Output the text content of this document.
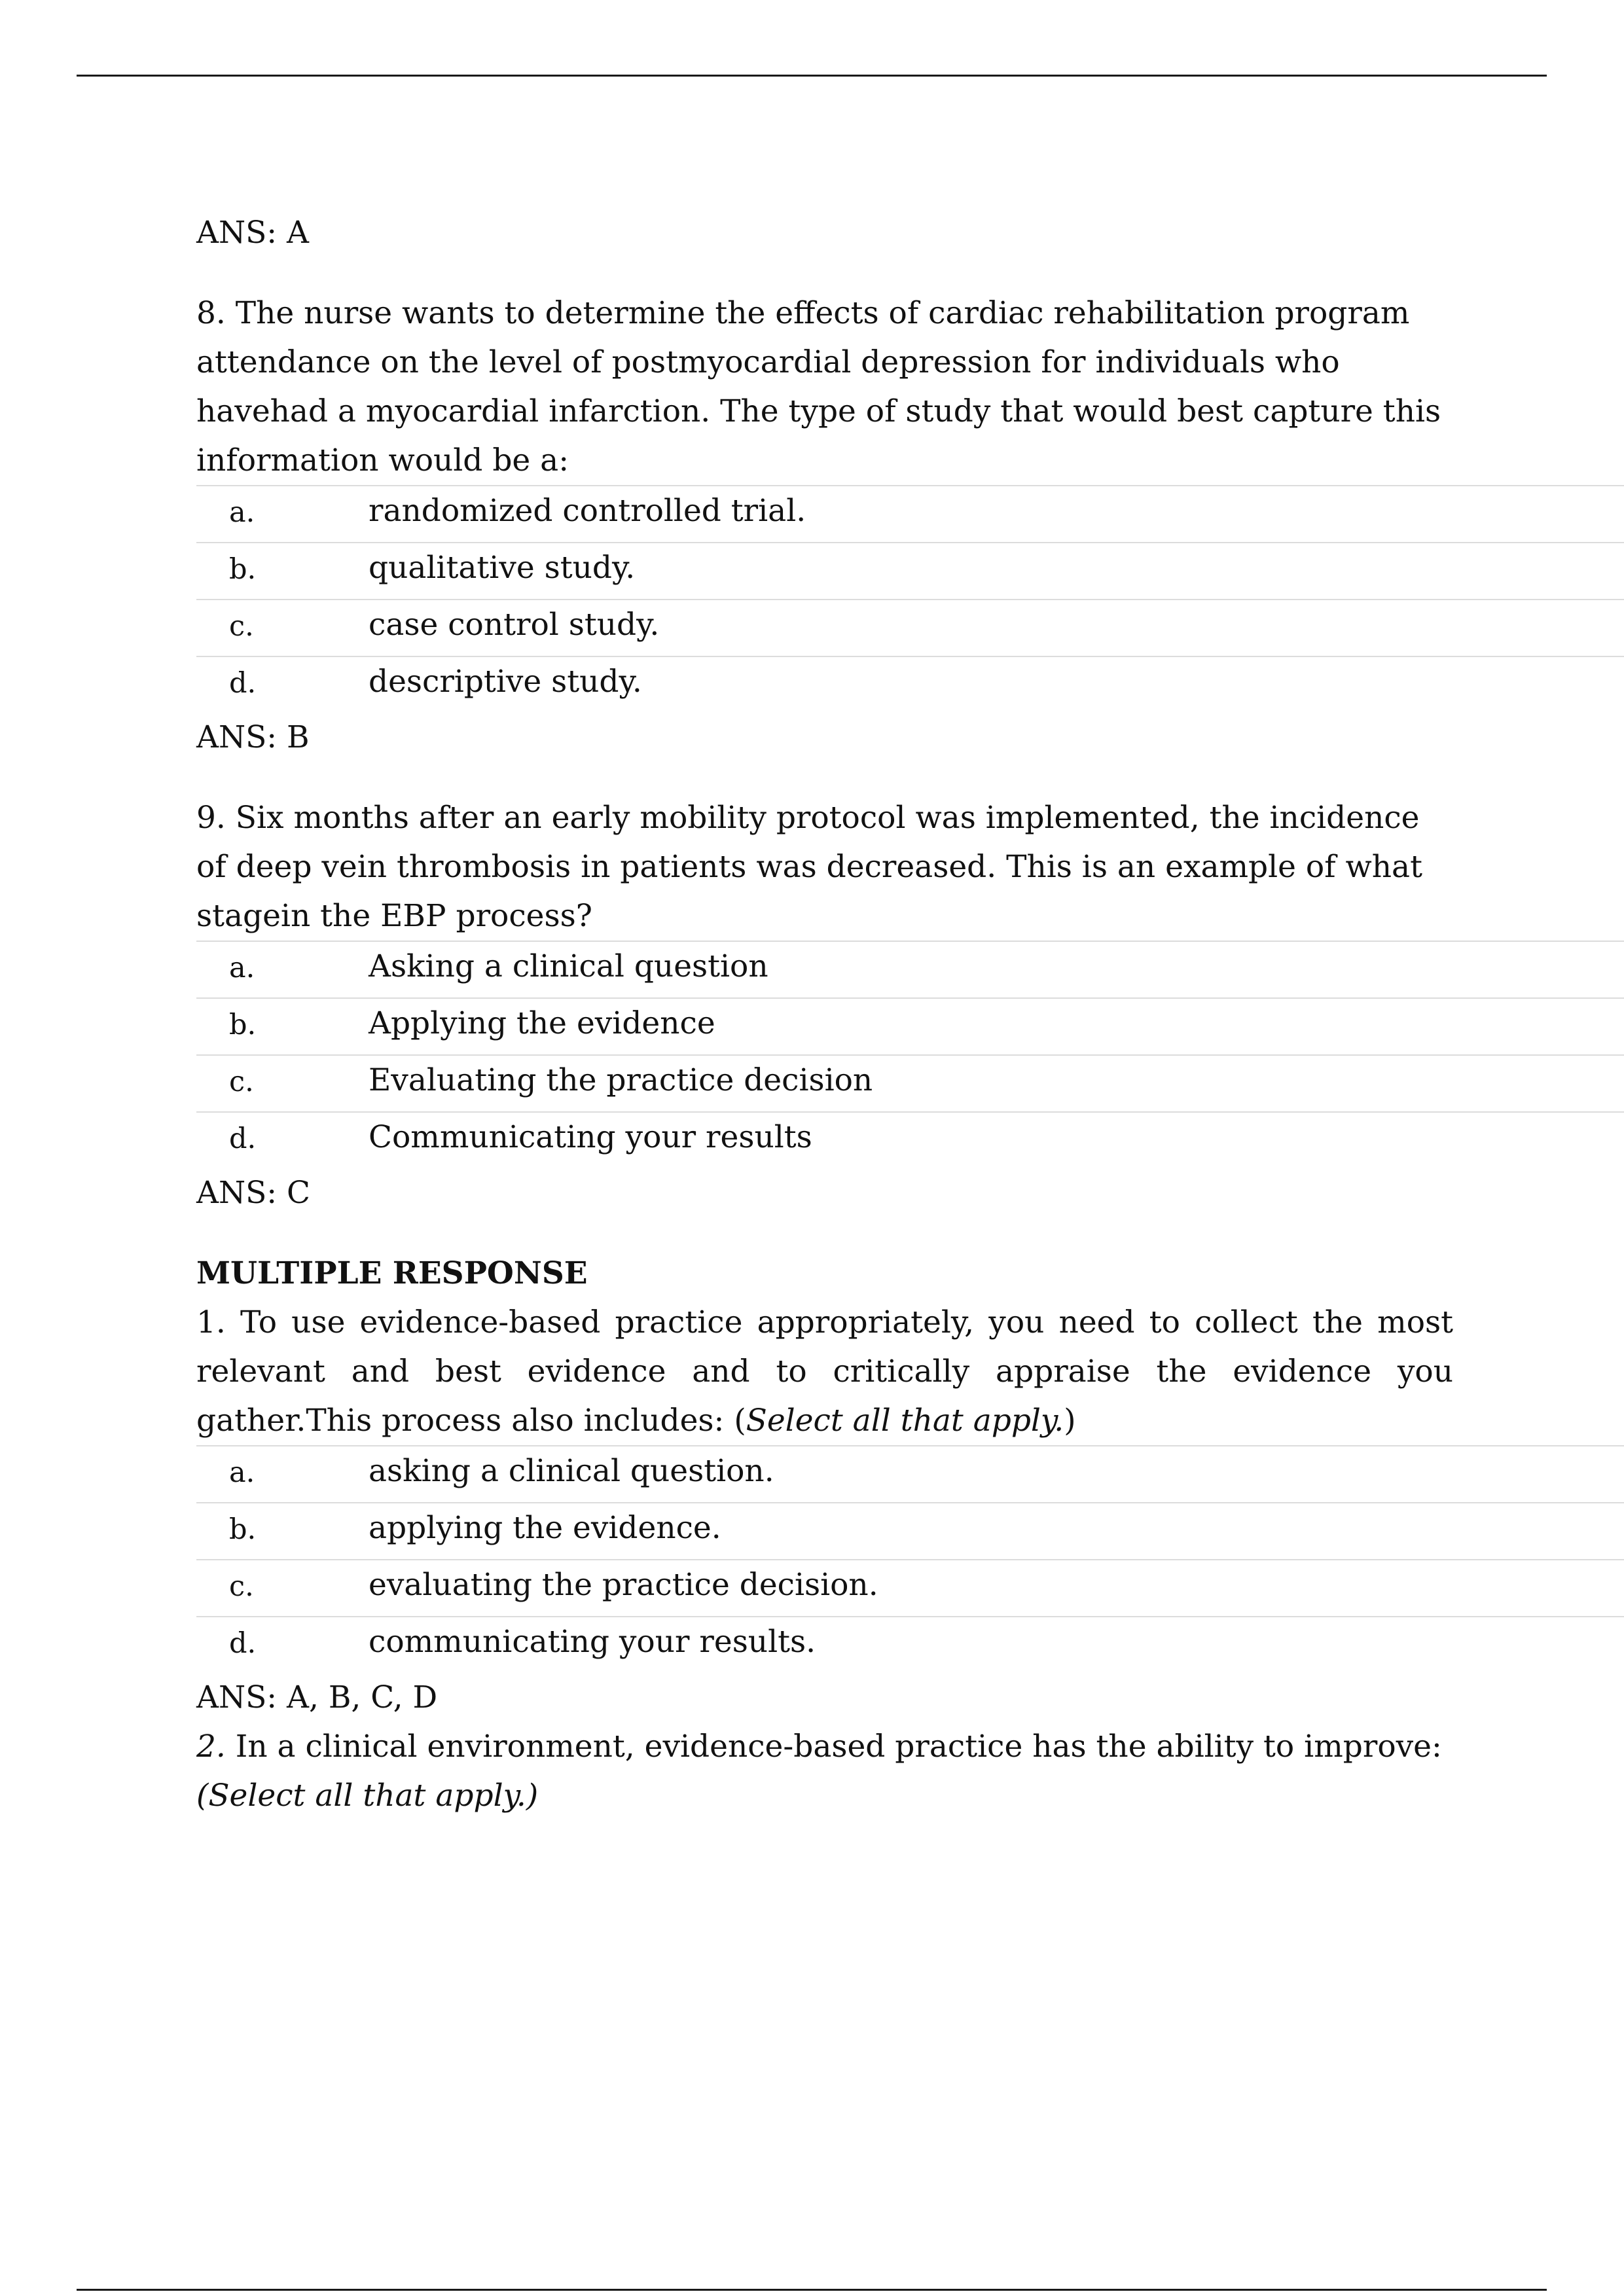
ANS: A

8. The nurse wants to determine the effects of cardiac rehabilitation program attendance on the level of postmyocardial depression for individuals who havehad a myocardial infarction. The type of study that would best capture this information would be a:

a.	randomized controlled trial.
b.	qualitative study.
c.	case control study.
d.	descriptive study.

ANS: B

9. Six months after an early mobility protocol was implemented, the incidence of deep vein thrombosis in patients was decreased. This is an example of what stagein the EBP process?

a.	Asking a clinical question
b.	Applying the evidence
c.	Evaluating the practice decision
d.	Communicating your results

ANS: C

MULTIPLE RESPONSE

1. To use evidence-based practice appropriately, you need to collect the most relevant and best evidence and to critically appraise the evidence you gather.This process also includes: (Select all that apply.)

a.	asking a clinical question.
b.	applying the evidence.
c.	evaluating the practice decision.
d.	communicating your results.

ANS: A, B, C, D

2. In a clinical environment, evidence-based practice has the ability to improve: (Select all that apply.)
